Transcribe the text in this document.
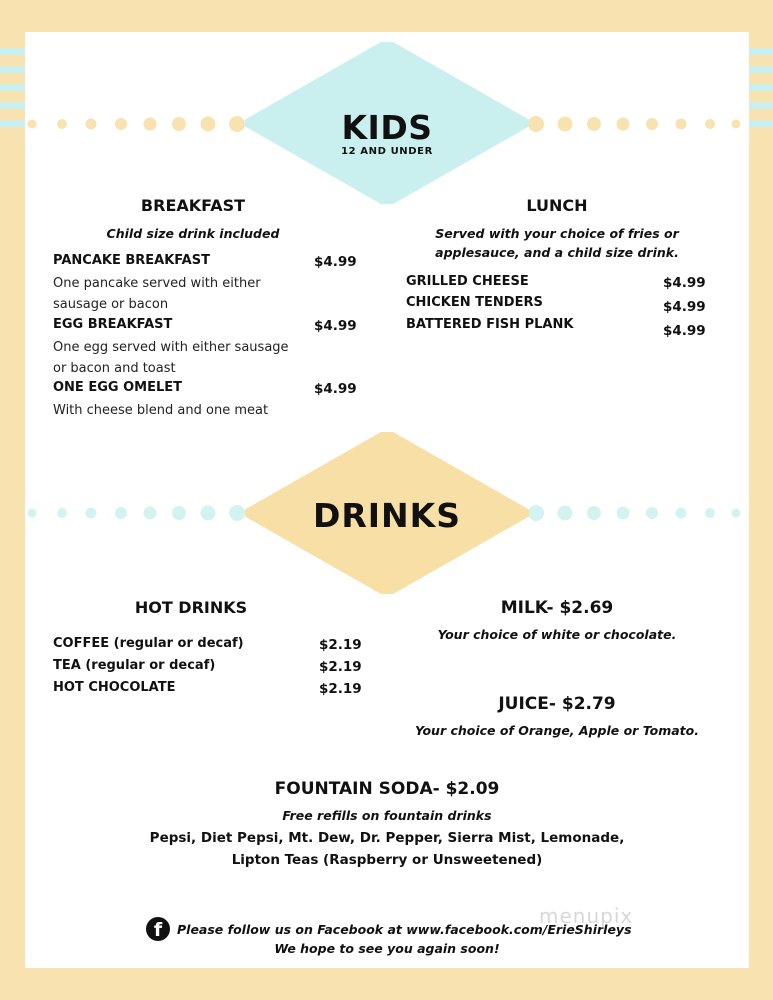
KIDS
12 AND UNDER
BREAKFAST
Child size drink included
PANCAKE BREAKFAST	$4.99
One pancake served with either
sausage or bacon
EGG BREAKFAST	$4.99
One egg served with either sausage
or bacon and toast
ONE EGG OMELET	$4.99
With cheese blend and one meat
LUNCH
Served with your choice of fries or
applesauce, and a child size drink.
GRILLED CHEESE	$4.99
CHICKEN TENDERS	$4.99
BATTERED FISH PLANK	$4.99
DRINKS
HOT DRINKS
COFFEE (regular or decaf)	$2.19
TEA (regular or decaf)	$2.19
HOT CHOCOLATE	$2.19
MILK- $2.69
Your choice of white or chocolate.
JUICE- $2.79
Your choice of Orange, Apple or Tomato.
FOUNTAIN SODA- $2.09
Free refills on fountain drinks
Pepsi, Diet Pepsi, Mt. Dew, Dr. Pepper, Sierra Mist, Lemonade,
Lipton Teas (Raspberry or Unsweetened)
f	Please follow us on Facebook at www.facebook.com/ErieShirleys
We hope to see you again soon!
menupix
